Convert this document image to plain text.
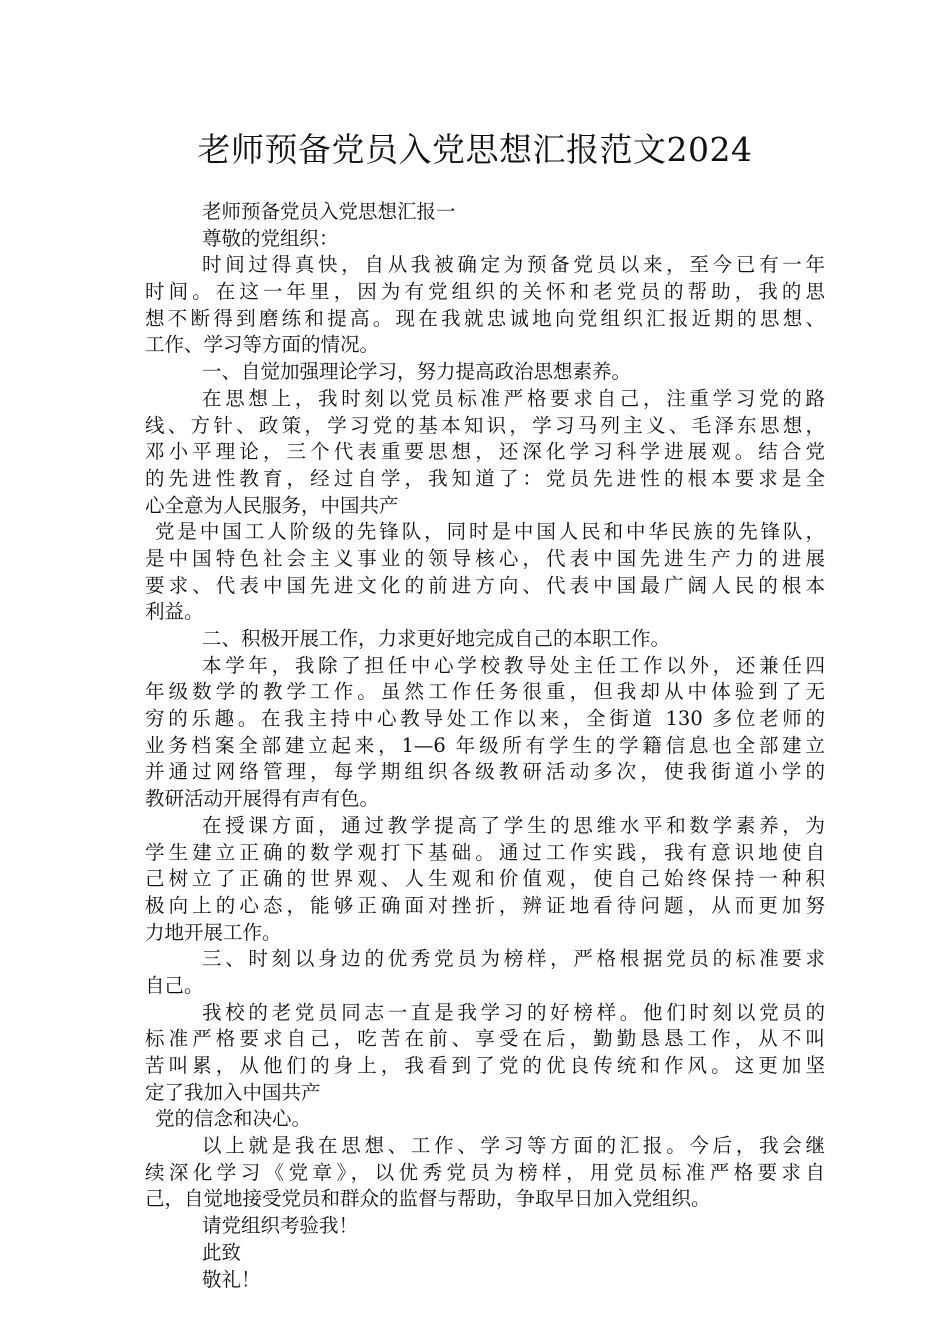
老师预备党员入党思想汇报范文2024
老师预备党员入党思想汇报一
尊敬的党组织：
时间过得真快，自从我被确定为预备党员以来，至今已有一年
时间。在这一年里，因为有党组织的关怀和老党员的帮助，我的思
想不断得到磨练和提高。现在我就忠诚地向党组织汇报近期的思想、
工作、学习等方面的情况。
一、自觉加强理论学习，努力提高政治思想素养。
在思想上，我时刻以党员标准严格要求自己，注重学习党的路
线、方针、政策，学习党的基本知识，学习马列主义、毛泽东思想，
邓小平理论，三个代表重要思想，还深化学习科学进展观。结合党
的先进性教育，经过自学，我知道了：党员先进性的根本要求是全
心全意为人民服务，中国共产
党是中国工人阶级的先锋队，同时是中国人民和中华民族的先锋队，
是中国特色社会主义事业的领导核心，代表中国先进生产力的进展
要求、代表中国先进文化的前进方向、代表中国最广阔人民的根本
利益。
二、积极开展工作，力求更好地完成自己的本职工作。
本学年，我除了担任中心学校教导处主任工作以外，还兼任四
年级数学的教学工作。虽然工作任务很重，但我却从中体验到了无
穷的乐趣。在我主持中心教导处工作以来，全街道 130 多位老师的
业务档案全部建立起来，1—6 年级所有学生的学籍信息也全部建立
并通过网络管理，每学期组织各级教研活动多次，使我街道小学的
教研活动开展得有声有色。
在授课方面，通过教学提高了学生的思维水平和数学素养，为
学生建立正确的数学观打下基础。通过工作实践，我有意识地使自
己树立了正确的世界观、人生观和价值观，使自己始终保持一种积
极向上的心态，能够正确面对挫折，辨证地看待问题，从而更加努
力地开展工作。
三、时刻以身边的优秀党员为榜样，严格根据党员的标准要求
自己。
我校的老党员同志一直是我学习的好榜样。他们时刻以党员的
标准严格要求自己，吃苦在前、享受在后，勤勤恳恳工作，从不叫
苦叫累，从他们的身上，我看到了党的优良传统和作风。这更加坚
定了我加入中国共产
党的信念和决心。
以上就是我在思想、工作、学习等方面的汇报。今后，我会继
续深化学习《党章》，以优秀党员为榜样，用党员标准严格要求自
己，自觉地接受党员和群众的监督与帮助，争取早日加入党组织。
请党组织考验我！
此致
敬礼！
